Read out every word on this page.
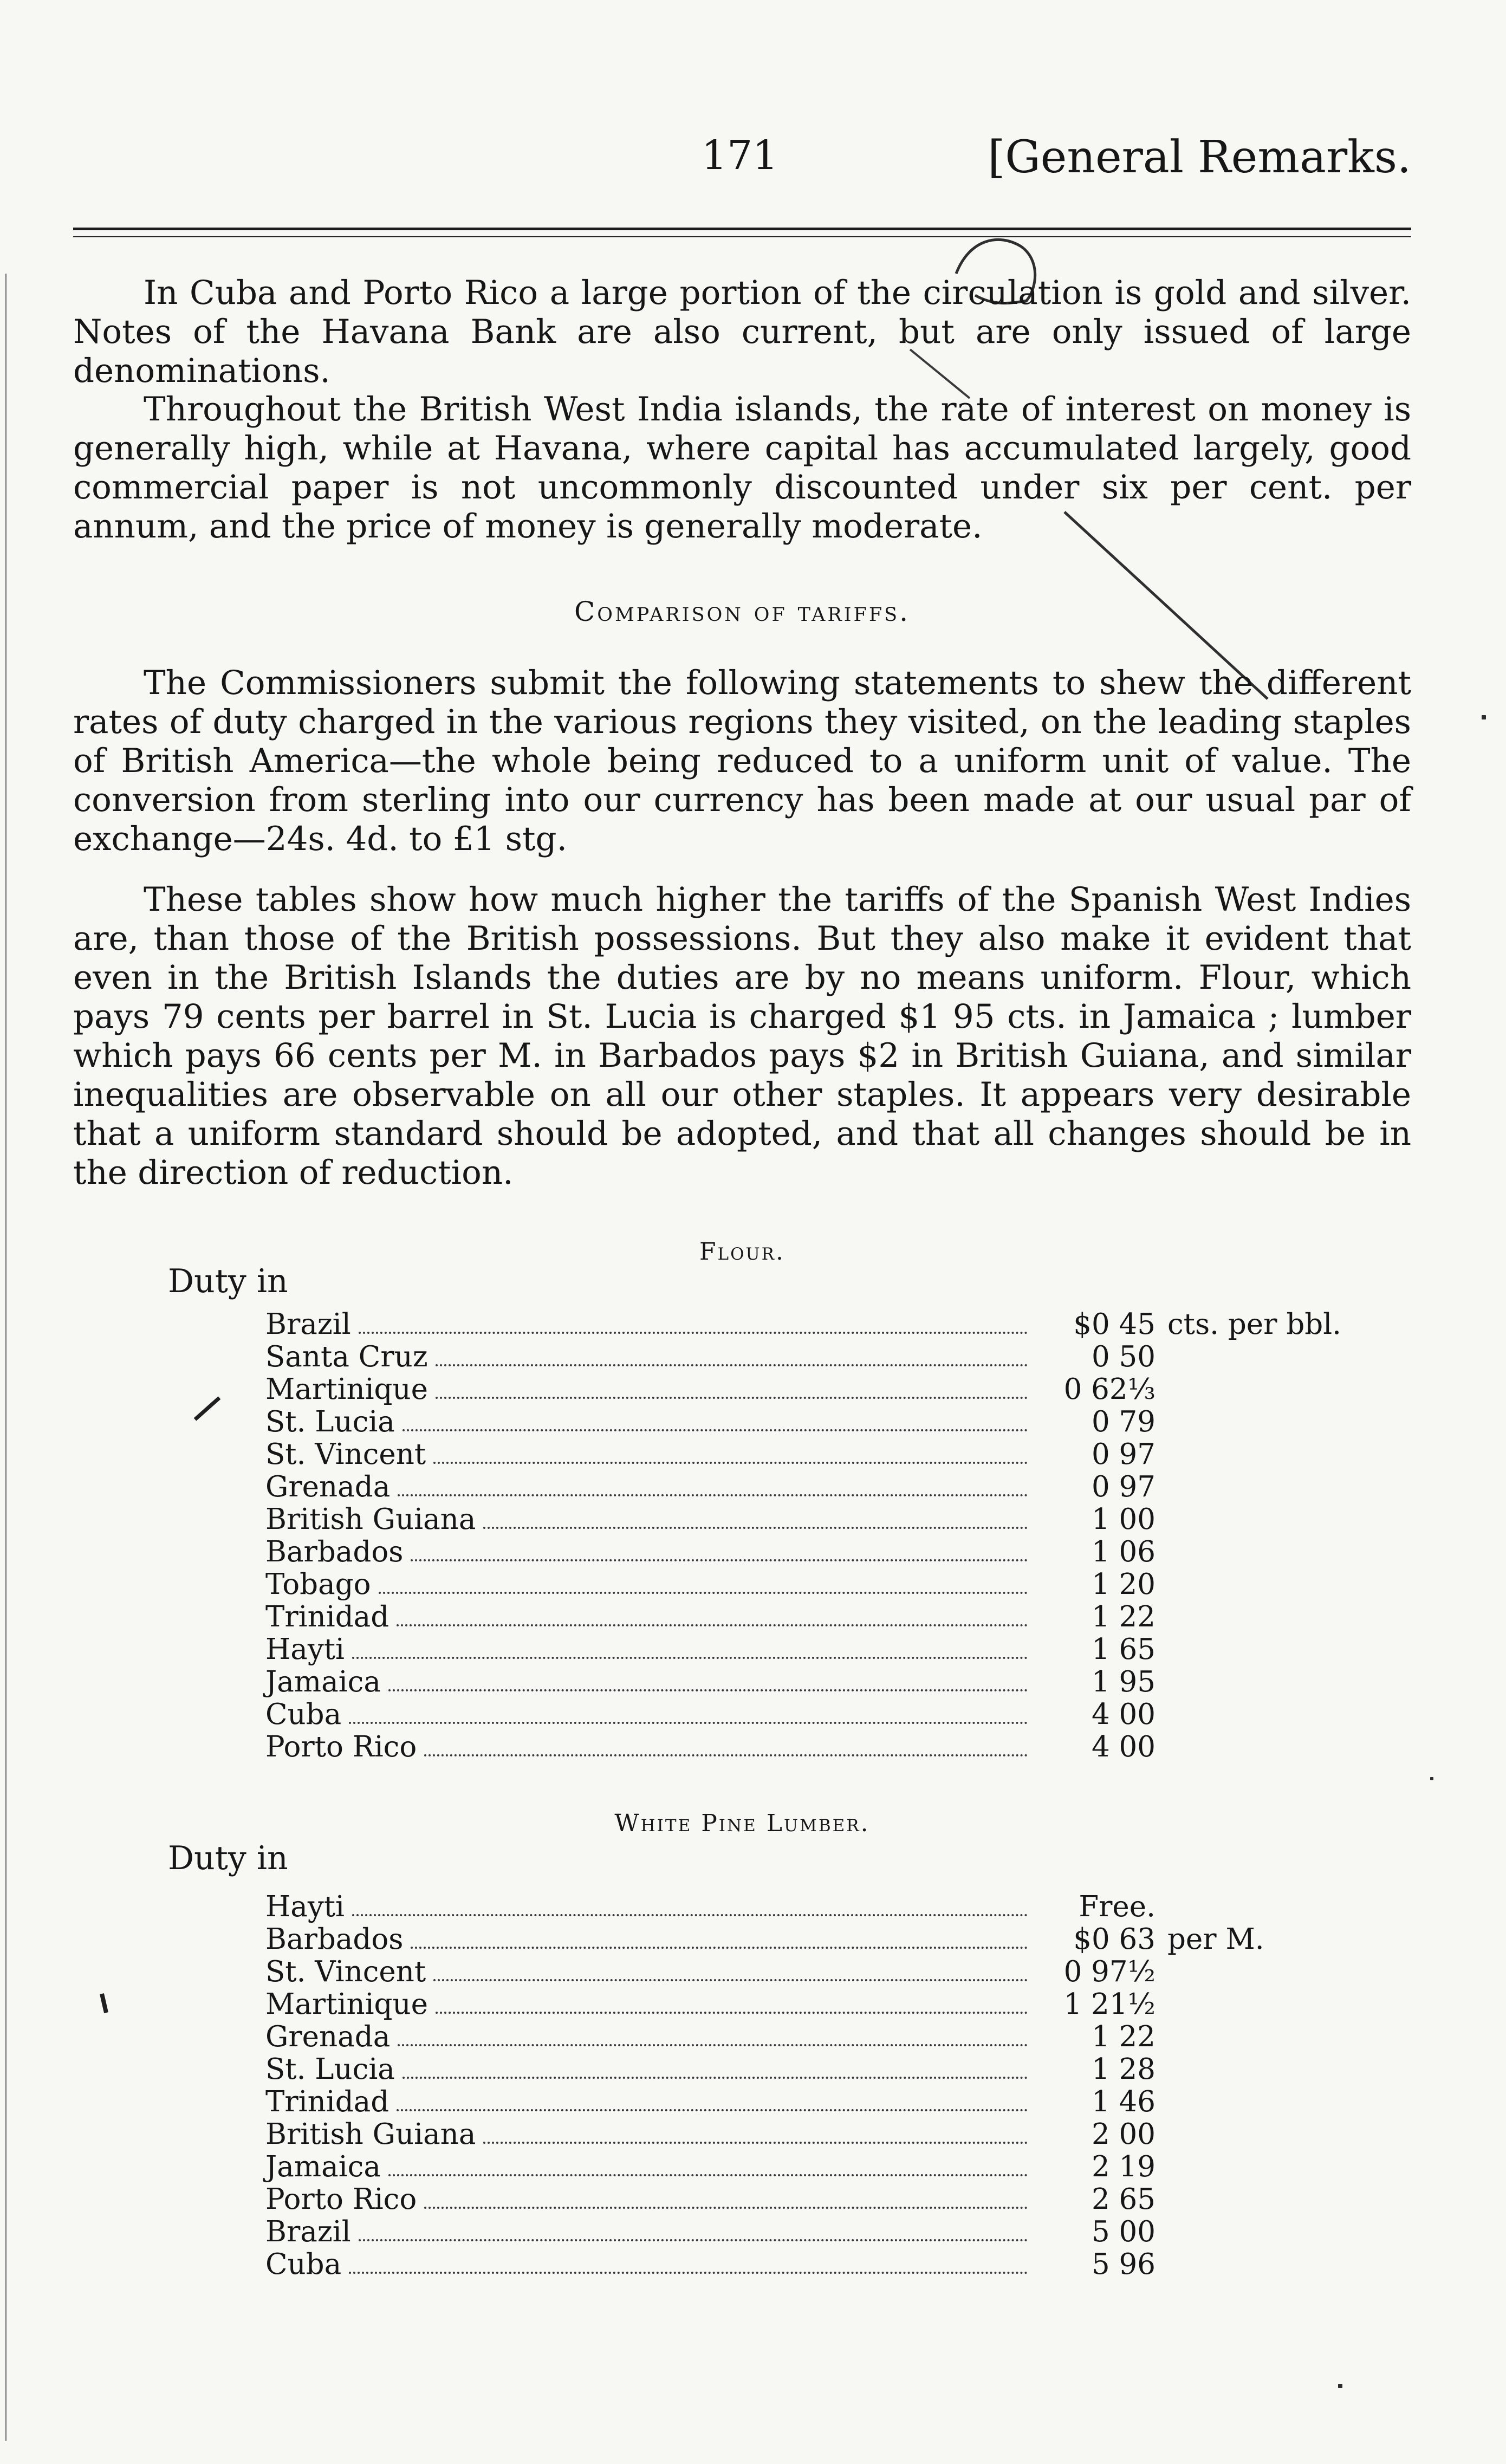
171	[General Remarks.
In Cuba and Porto Rico a large portion of the circulation is gold and silver. Notes of the Havana Bank are also current, but are only issued of large denominations.
Throughout the British West India islands, the rate of interest on money is generally high, while at Havana, where capital has accumulated largely, good commercial paper is not uncommonly discounted under six per cent. per annum, and the price of money is generally moderate.
Comparison of tariffs.
The Commissioners submit the following statements to shew the different rates of duty charged in the various regions they visited, on the leading staples of British America—the whole being reduced to a uniform unit of value. The conversion from sterling into our currency has been made at our usual par of exchange—24s. 4d. to £1 stg.
These tables show how much higher the tariffs of the Spanish West Indies are, than those of the British possessions. But they also make it evident that even in the British Islands the duties are by no means uniform. Flour, which pays 79 cents per barrel in St. Lucia is charged $1 95 cts. in Jamaica ; lumber which pays 66 cents per M. in Barbados pays $2 in British Guiana, and similar inequalities are observable on all our other staples. It appears very desirable that a uniform standard should be adopted, and that all changes should be in the direction of reduction.
Flour.
Duty in
Brazil	$0 45 cts. per bbl.
Santa Cruz	0 50
Martinique	0 62⅓
St. Lucia	0 79
St. Vincent	0 97
Grenada	0 97
British Guiana	1 00
Barbados	1 06
Tobago	1 20
Trinidad	1 22
Hayti	1 65
Jamaica	1 95
Cuba	4 00
Porto Rico	4 00
White Pine Lumber.
Duty in
Hayti	Free.
Barbados	$0 63 per M.
St. Vincent	0 97½
Martinique	1 21½
Grenada	1 22
St. Lucia	1 28
Trinidad	1 46
British Guiana	2 00
Jamaica	2 19
Porto Rico	2 65
Brazil	5 00
Cuba	5 96
